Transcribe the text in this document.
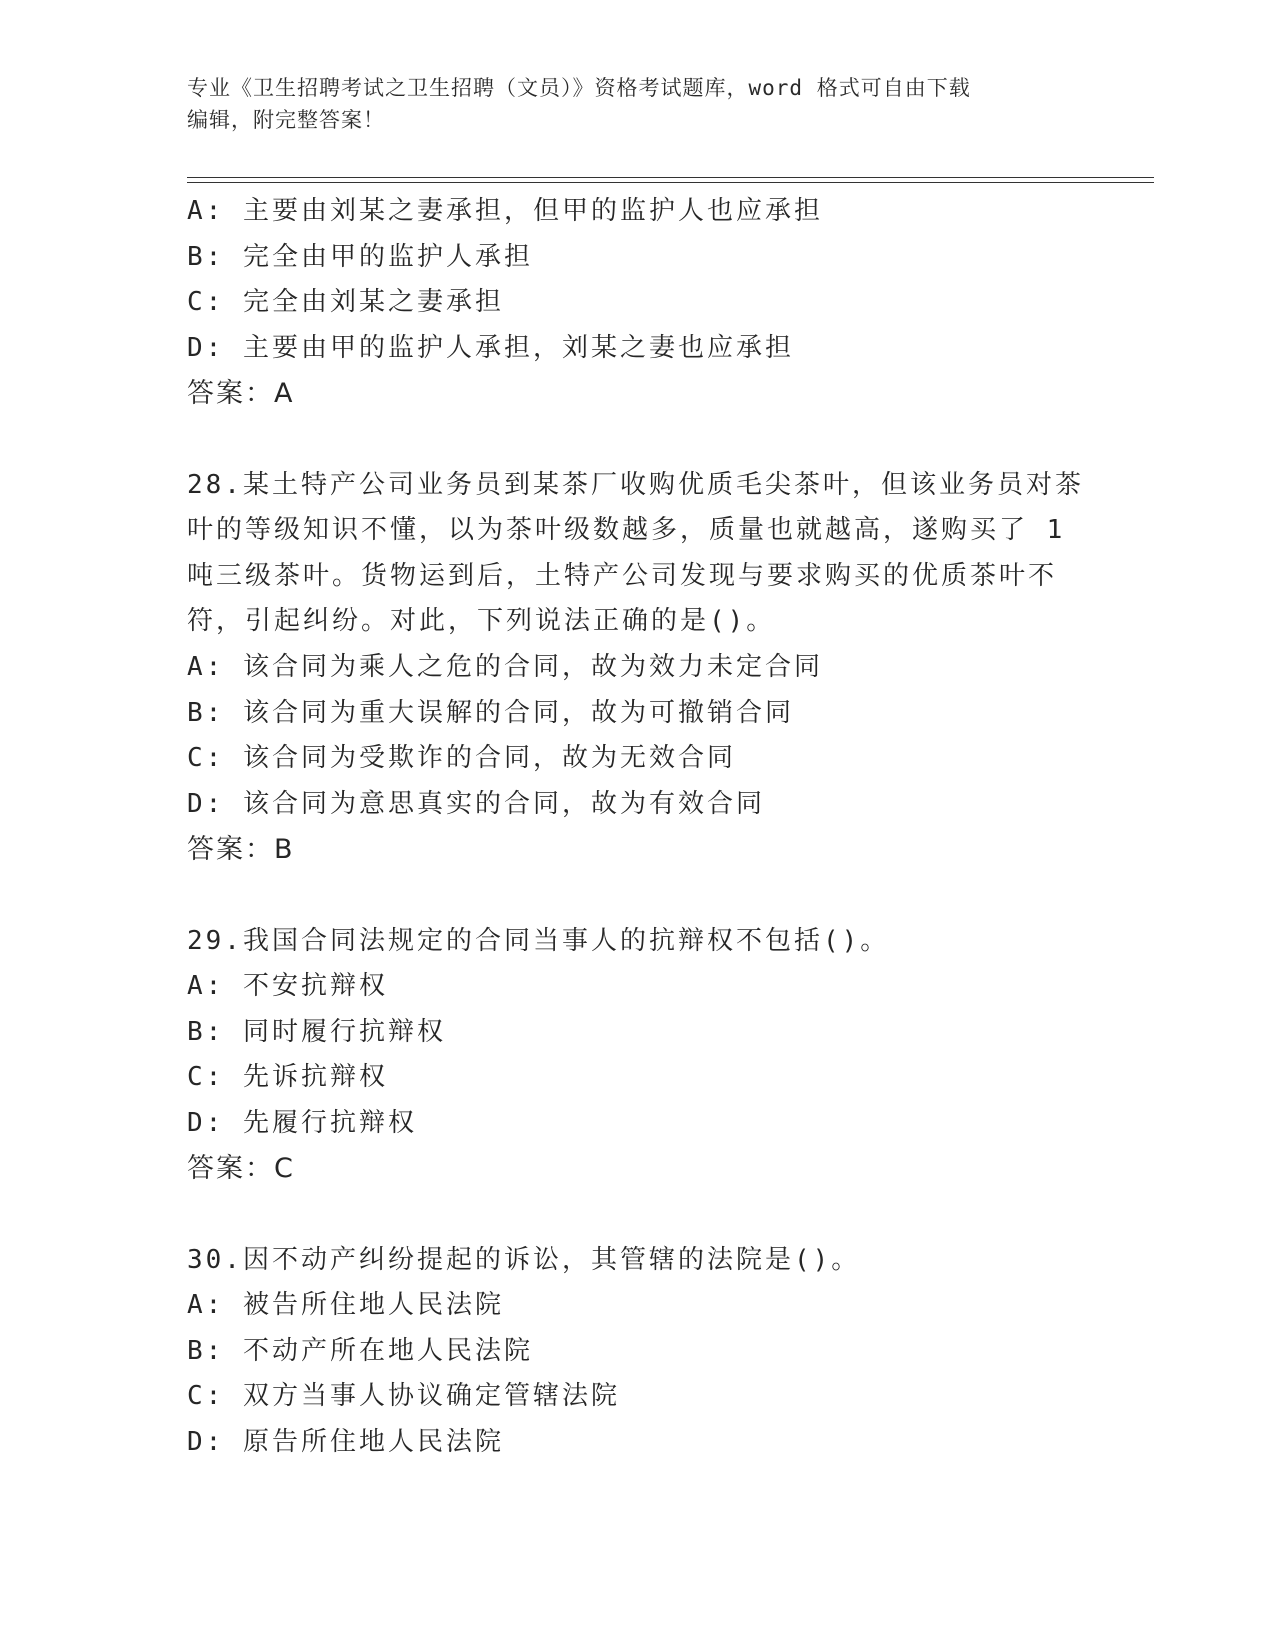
专业《卫生招聘考试之卫生招聘（文员）》资格考试题库，word 格式可自由下载
编辑，附完整答案！
A: 主要由刘某之妻承担，但甲的监护人也应承担
B: 完全由甲的监护人承担
C: 完全由刘某之妻承担
D: 主要由甲的监护人承担，刘某之妻也应承担
答案：A
28.某土特产公司业务员到某茶厂收购优质毛尖茶叶，但该业务员对茶
叶的等级知识不懂，以为茶叶级数越多，质量也就越高，遂购买了 1
吨三级茶叶。货物运到后，土特产公司发现与要求购买的优质茶叶不
符，引起纠纷。对此，下列说法正确的是()。
A: 该合同为乘人之危的合同，故为效力未定合同
B: 该合同为重大误解的合同，故为可撤销合同
C: 该合同为受欺诈的合同，故为无效合同
D: 该合同为意思真实的合同，故为有效合同
答案：B
29.我国合同法规定的合同当事人的抗辩权不包括()。
A: 不安抗辩权
B: 同时履行抗辩权
C: 先诉抗辩权
D: 先履行抗辩权
答案：C
30.因不动产纠纷提起的诉讼，其管辖的法院是()。
A: 被告所住地人民法院
B: 不动产所在地人民法院
C: 双方当事人协议确定管辖法院
D: 原告所住地人民法院
